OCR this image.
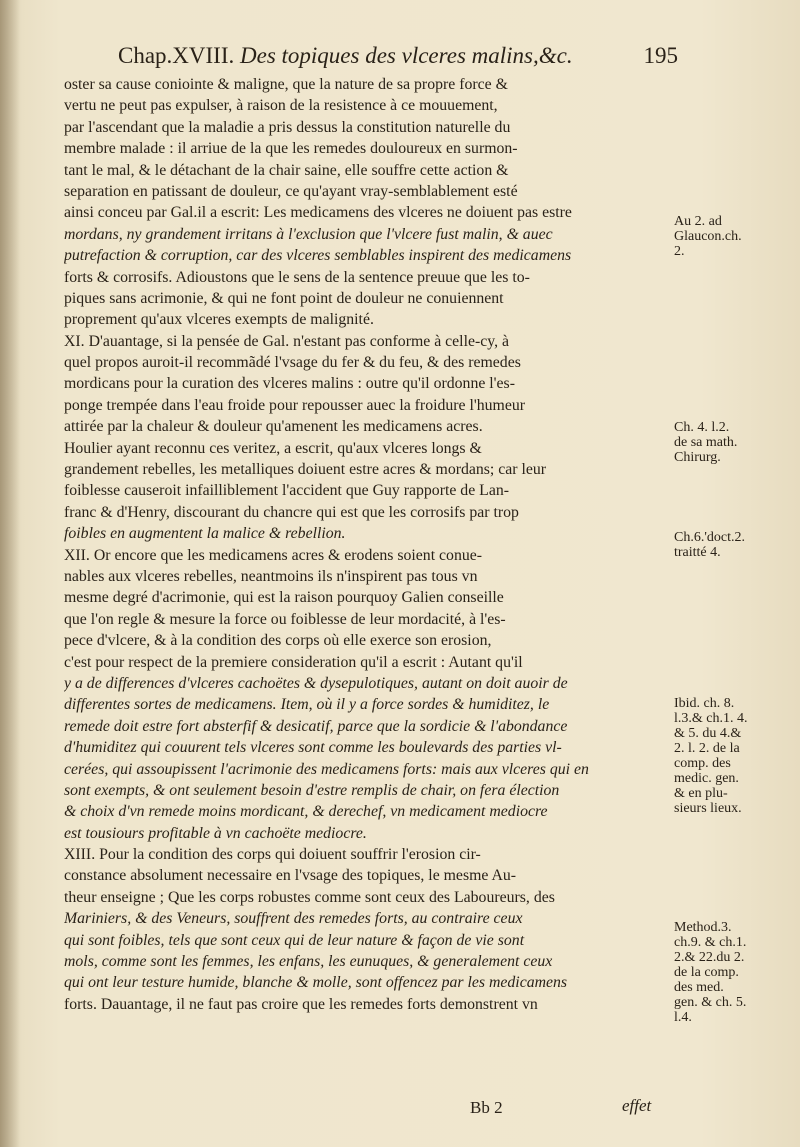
Chap.XVIII. Des topiques des vlceres malins,&c.	195
oster sa cause coniointe & maligne, que la nature de sa propre force &
vertu ne peut pas expulser, à raison de la resistence à ce mouuement,
par l'ascendant que la maladie a pris dessus la constitution naturelle du
membre malade : il arriue de la que les remedes douloureux en surmon-
tant le mal, & le détachant de la chair saine, elle souffre cette action &
separation en patissant de douleur, ce qu'ayant vray-semblablement esté
ainsi conceu par Gal.il a escrit: Les medicamens des vlceres ne doiuent pas estre
mordans, ny grandement irritans à l'exclusion que l'vlcere fust malin, & auec
putrefaction & corruption, car des vlceres semblables inspirent des medicamens
forts & corrosifs. Adioustons que le sens de la sentence preuue que les to-
piques sans acrimonie, & qui ne font point de douleur ne conuiennent
proprement qu'aux vlceres exempts de malignité.
XI. D'auantage, si la pensée de Gal. n'estant pas conforme à celle-cy, à
quel propos auroit-il recommãdé l'vsage du fer & du feu, & des remedes
mordicans pour la curation des vlceres malins : outre qu'il ordonne l'es-
ponge trempée dans l'eau froide pour repousser auec la froidure l'humeur
attirée par la chaleur & douleur qu'amenent les medicamens acres.
Houlier ayant reconnu ces veritez, a escrit, qu'aux vlceres longs &
grandement rebelles, les metalliques doiuent estre acres & mordans; car leur
foiblesse causeroit infailliblement l'accident que Guy rapporte de Lan-
franc & d'Henry, discourant du chancre qui est que les corrosifs par trop
foibles en augmentent la malice & rebellion.
XII. Or encore que les medicamens acres & erodens soient conue-
nables aux vlceres rebelles, neantmoins ils n'inspirent pas tous vn
mesme degré d'acrimonie, qui est la raison pourquoy Galien conseille
que l'on regle & mesure la force ou foiblesse de leur mordacité, à l'es-
pece d'vlcere, & à la condition des corps où elle exerce son erosion,
c'est pour respect de la premiere consideration qu'il a escrit : Autant qu'il
y a de differences d'vlceres cachoëtes & dysepulotiques, autant on doit auoir de
differentes sortes de medicamens. Item, où il y a force sordes & humiditez, le
remede doit estre fort absterfif & desicatif, parce que la sordicie & l'abondance
d'humiditez qui couurent tels vlceres sont comme les boulevards des parties vl-
cerées, qui assoupissent l'acrimonie des medicamens forts: mais aux vlceres qui en
sont exempts, & ont seulement besoin d'estre remplis de chair, on fera élection
& choix d'vn remede moins mordicant, & derechef, vn medicament mediocre
est tousiours profitable à vn cachoëte mediocre.
XIII. Pour la condition des corps qui doiuent souffrir l'erosion cir-
constance absolument necessaire en l'vsage des topiques, le mesme Au-
theur enseigne ; Que les corps robustes comme sont ceux des Laboureurs, des
Mariniers, & des Veneurs, souffrent des remedes forts, au contraire ceux
qui sont foibles, tels que sont ceux qui de leur nature & façon de vie sont
mols, comme sont les femmes, les enfans, les eunuques, & generalement ceux
qui ont leur testure humide, blanche & molle, sont offencez par les medicamens
forts. Dauantage, il ne faut pas croire que les remedes forts demonstrent vn
Au 2. ad
Glaucon.ch.
2.
Ch. 4. l.2.
de sa math.
Chirurg.
Ch.6.'doct.2.
traitté 4.
Ibid. ch. 8.
l.3.& ch.1. 4.
& 5. du 4.&
2. l. 2. de la
comp. des
medic. gen.
& en plu-
sieurs lieux.
Method.3.
ch.9. & ch.1.
2.& 22.du 2.
de la comp.
des med.
gen. & ch. 5.
l.4.
Bb 2	effet
